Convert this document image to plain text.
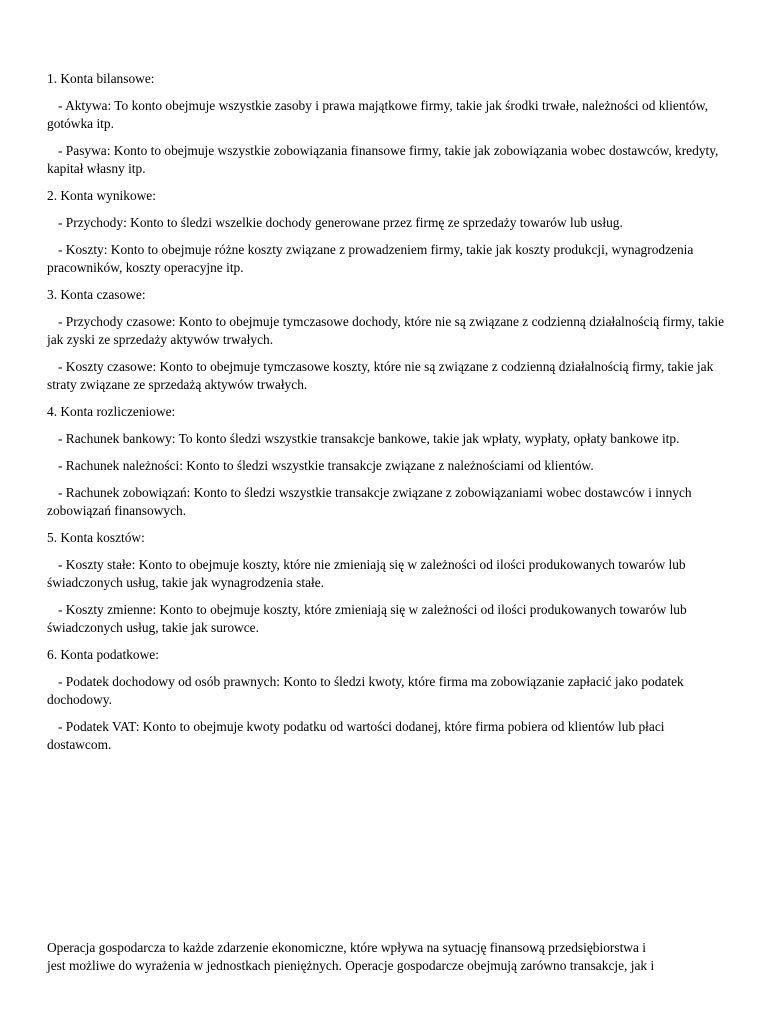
1. Konta bilansowe:

- Aktywa: To konto obejmuje wszystkie zasoby i prawa majątkowe firmy, takie jak środki trwałe, należności od klientów, gotówka itp.

- Pasywa: Konto to obejmuje wszystkie zobowiązania finansowe firmy, takie jak zobowiązania wobec dostawców, kredyty, kapitał własny itp.

2. Konta wynikowe:

- Przychody: Konto to śledzi wszelkie dochody generowane przez firmę ze sprzedaży towarów lub usług.

- Koszty: Konto to obejmuje różne koszty związane z prowadzeniem firmy, takie jak koszty produkcji, wynagrodzenia pracowników, koszty operacyjne itp.

3. Konta czasowe:

- Przychody czasowe: Konto to obejmuje tymczasowe dochody, które nie są związane z codzienną działalnością firmy, takie jak zyski ze sprzedaży aktywów trwałych.

- Koszty czasowe: Konto to obejmuje tymczasowe koszty, które nie są związane z codzienną działalnością firmy, takie jak straty związane ze sprzedażą aktywów trwałych.

4. Konta rozliczeniowe:

- Rachunek bankowy: To konto śledzi wszystkie transakcje bankowe, takie jak wpłaty, wypłaty, opłaty bankowe itp.

- Rachunek należności: Konto to śledzi wszystkie transakcje związane z należnościami od klientów.

- Rachunek zobowiązań: Konto to śledzi wszystkie transakcje związane z zobowiązaniami wobec dostawców i innych zobowiązań finansowych.

5. Konta kosztów:

- Koszty stałe: Konto to obejmuje koszty, które nie zmieniają się w zależności od ilości produkowanych towarów lub świadczonych usług, takie jak wynagrodzenia stałe.

- Koszty zmienne: Konto to obejmuje koszty, które zmieniają się w zależności od ilości produkowanych towarów lub świadczonych usług, takie jak surowce.

6. Konta podatkowe:

- Podatek dochodowy od osób prawnych: Konto to śledzi kwoty, które firma ma zobowiązanie zapłacić jako podatek dochodowy.

- Podatek VAT: Konto to obejmuje kwoty podatku od wartości dodanej, które firma pobiera od klientów lub płaci dostawcom.

Operacja gospodarcza to każde zdarzenie ekonomiczne, które wpływa na sytuację finansową przedsiębiorstwa i
jest możliwe do wyrażenia w jednostkach pieniężnych. Operacje gospodarcze obejmują zarówno transakcje, jak i
